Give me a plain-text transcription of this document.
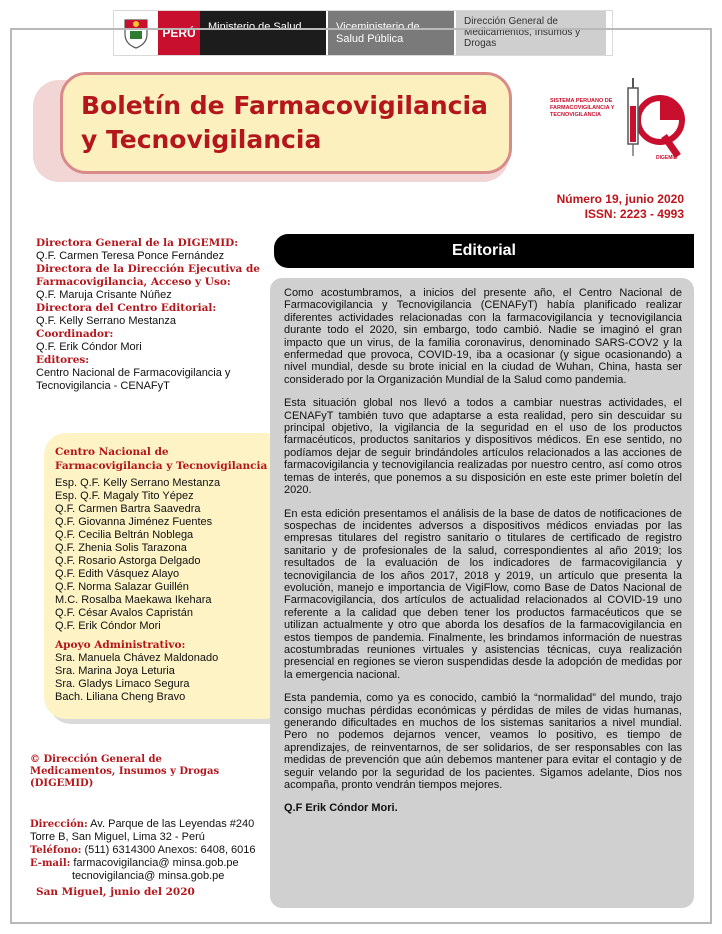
PERÚ	Ministerio de Salud	Viceministerio de Salud Pública
Dirección General de Medicamentos, Insumos y Drogas
Boletín de Farmacovigilancia
y Tecnovigilancia
SISTEMA PERUANO DE FARMACOVIGILANCIA Y TECNOVIGILANCIA
DIGEMID
Número 19, junio 2020
ISSN: 2223 - 4993
Directora General de la DIGEMID:
Q.F. Carmen Teresa Ponce Fernández
Directora de la Dirección Ejecutiva de Farmacovigilancia, Acceso y Uso:
Q.F. Maruja Crisante Núñez
Directora del Centro Editorial:
Q.F. Kelly Serrano Mestanza
Coordinador:
Q.F. Erik Cóndor Mori
Editores:
Centro Nacional de Farmacovigilancia y Tecnovigilancia - CENAFyT
Centro Nacional de Farmacovigilancia y Tecnovigilancia
Esp. Q.F. Kelly Serrano Mestanza
Esp. Q.F. Magaly Tito Yépez
Q.F. Carmen Bartra Saavedra
Q.F. Giovanna Jiménez Fuentes
Q.F. Cecilia Beltrán Noblega
Q.F. Zhenia Solis Tarazona
Q.F. Rosario Astorga Delgado
Q.F. Edith Vásquez Alayo
Q.F. Norma Salazar Guillén
M.C. Rosalba Maekawa Ikehara
Q.F. César Avalos Capristán
Q.F. Erik Cóndor Mori
Apoyo Administrativo:
Sra. Manuela Chávez Maldonado
Sra. Marina Joya Leturia
Sra. Gladys Limaco Segura
Bach. Liliana Cheng Bravo
© Dirección General de Medicamentos, Insumos y Drogas (DIGEMID)
Dirección: Av. Parque de las Leyendas #240 Torre B, San Miguel, Lima 32 - Perú
Teléfono: (511) 6314300 Anexos: 6408, 6016
E-mail: farmacovigilancia@ minsa.gob.pe
tecnovigilancia@ minsa.gob.pe
San Miguel, junio del 2020
Editorial

Como acostumbramos, a inicios del presente año, el Centro Nacional de Farmacovigilancia y Tecnovigilancia (CENAFyT) había planificado realizar diferentes actividades relacionadas con la farmacovigilancia y tecnovigilancia durante todo el 2020, sin embargo, todo cambió. Nadie se imaginó el gran impacto que un virus, de la familia coronavirus, denominado SARS-COV2 y la enfermedad que provoca, COVID-19, iba a ocasionar (y sigue ocasionando) a nivel mundial, desde su brote inicial en la ciudad de Wuhan, China, hasta ser considerado por la Organización Mundial de la Salud como pandemia.

Esta situación global nos llevó a todos a cambiar nuestras actividades, el CENAFyT también tuvo que adaptarse a esta realidad, pero sin descuidar su principal objetivo, la vigilancia de la seguridad en el uso de los productos farmacéuticos, productos sanitarios y dispositivos médicos. En ese sentido, no podíamos dejar de seguir brindándoles artículos relacionados a las acciones de farmacovigilancia y tecnovigilancia realizadas por nuestro centro, así como otros temas de interés, que ponemos a su disposición en este este primer boletín del 2020.

En esta edición presentamos el análisis de la base de datos de notificaciones de sospechas de incidentes adversos a dispositivos médicos enviadas por las empresas titulares del registro sanitario o titulares de certificado de registro sanitario y de profesionales de la salud, correspondientes al año 2019; los resultados de la evaluación de los indicadores de farmacovigilancia y tecnovigilancia de los años 2017, 2018 y 2019, un artículo que presenta la evolución, manejo e importancia de VigiFlow, como Base de Datos Nacional de Farmacovigilancia, dos artículos de actualidad relacionados al COVID-19 uno referente a la calidad que deben tener los productos farmacéuticos que se utilizan actualmente y otro que aborda los desafíos de la farmacovigilancia en estos tiempos de pandemia. Finalmente, les brindamos información de nuestras acostumbradas reuniones virtuales y asistencias técnicas, cuya realización presencial en regiones se vieron suspendidas desde la adopción de medidas por la emergencia nacional.

Esta pandemia, como ya es conocido, cambió la “normalidad” del mundo, trajo consigo muchas pérdidas económicas y pérdidas de miles de vidas humanas, generando dificultades en muchos de los sistemas sanitarios a nivel mundial. Pero no podemos dejarnos vencer, veamos lo positivo, es tiempo de aprendizajes, de reinventarnos, de ser solidarios, de ser responsables con las medidas de prevención que aún debemos mantener para evitar el contagio y de seguir velando por la seguridad de los pacientes. Sigamos adelante, Dios nos acompaña, pronto vendrán tiempos mejores.

Q.F Erik Cóndor Mori.
